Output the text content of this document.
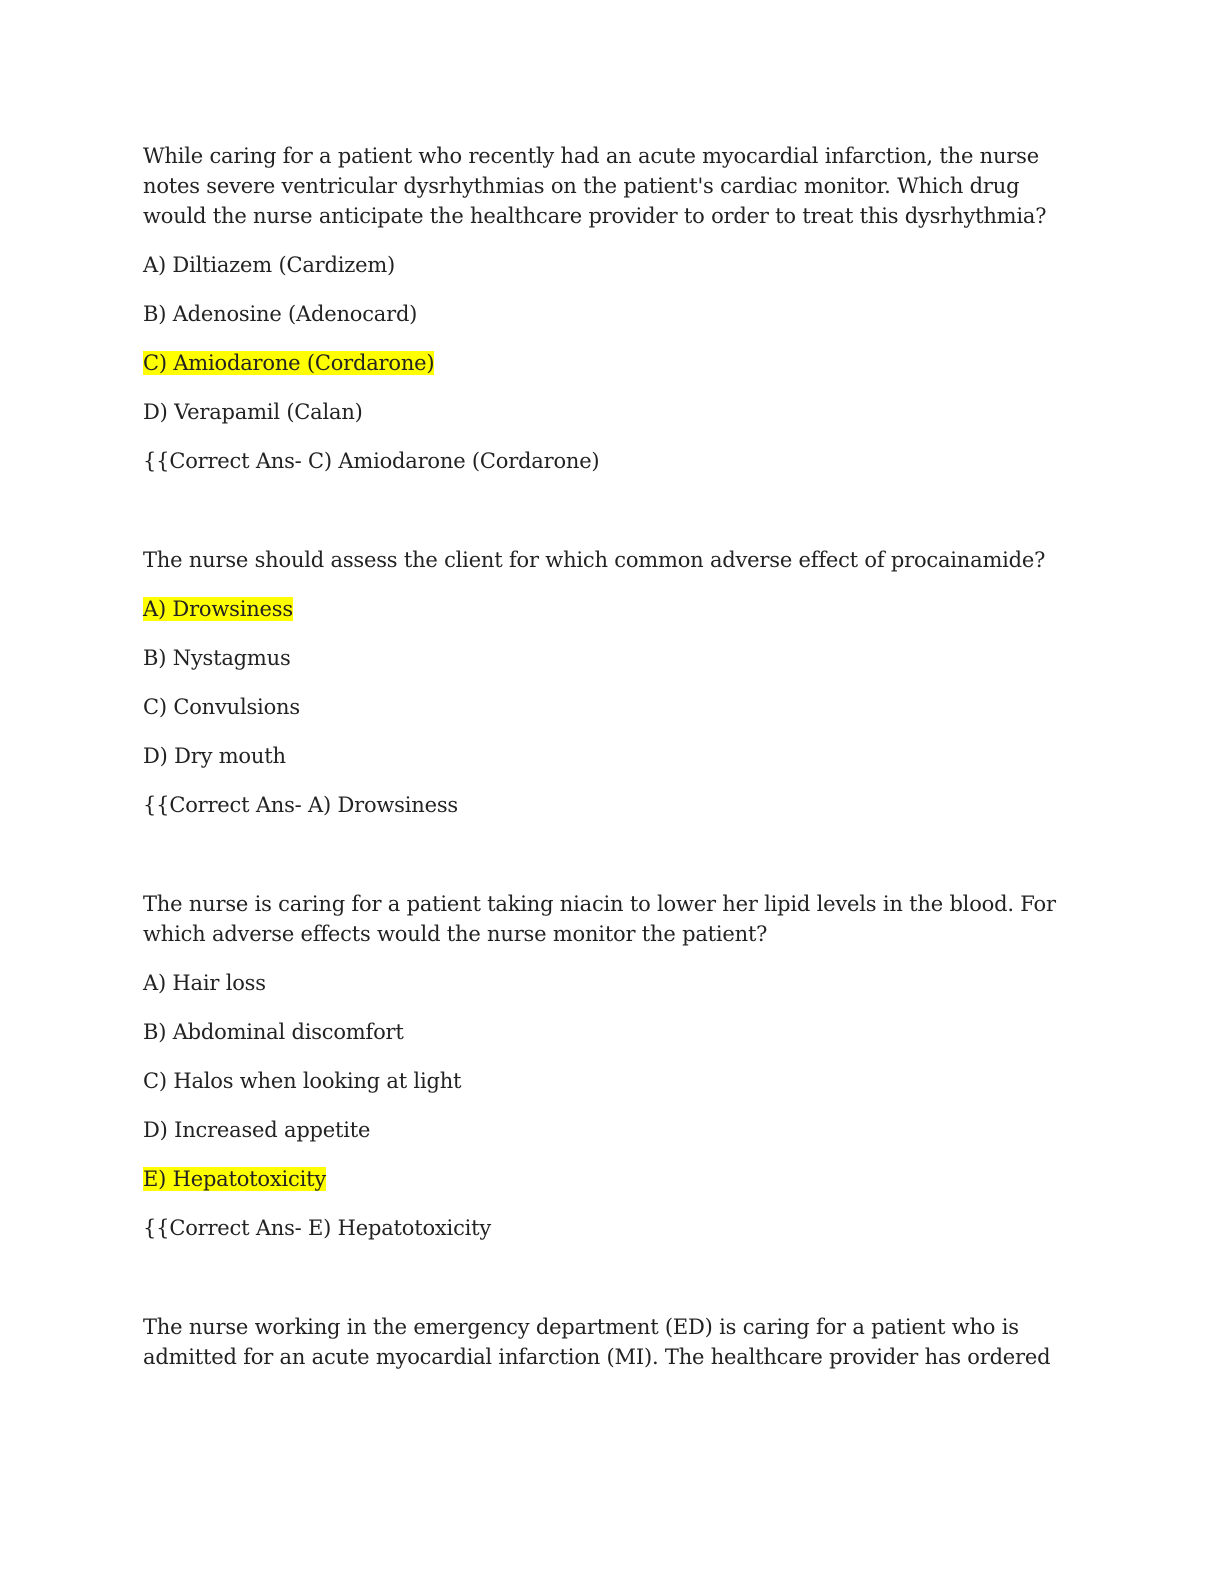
While caring for a patient who recently had an acute myocardial infarction, the nurse notes severe ventricular dysrhythmias on the patient's cardiac monitor. Which drug would the nurse anticipate the healthcare provider to order to treat this dysrhythmia?

A) Diltiazem (Cardizem)

B) Adenosine (Adenocard)

C) Amiodarone (Cordarone)

D) Verapamil (Calan)

{{Correct Ans- C) Amiodarone (Cordarone)

The nurse should assess the client for which common adverse effect of procainamide?

A) Drowsiness

B) Nystagmus

C) Convulsions

D) Dry mouth

{{Correct Ans- A) Drowsiness

The nurse is caring for a patient taking niacin to lower her lipid levels in the blood. For which adverse effects would the nurse monitor the patient?

A) Hair loss

B) Abdominal discomfort

C) Halos when looking at light

D) Increased appetite

E) Hepatotoxicity

{{Correct Ans- E) Hepatotoxicity

The nurse working in the emergency department (ED) is caring for a patient who is admitted for an acute myocardial infarction (MI). The healthcare provider has ordered
